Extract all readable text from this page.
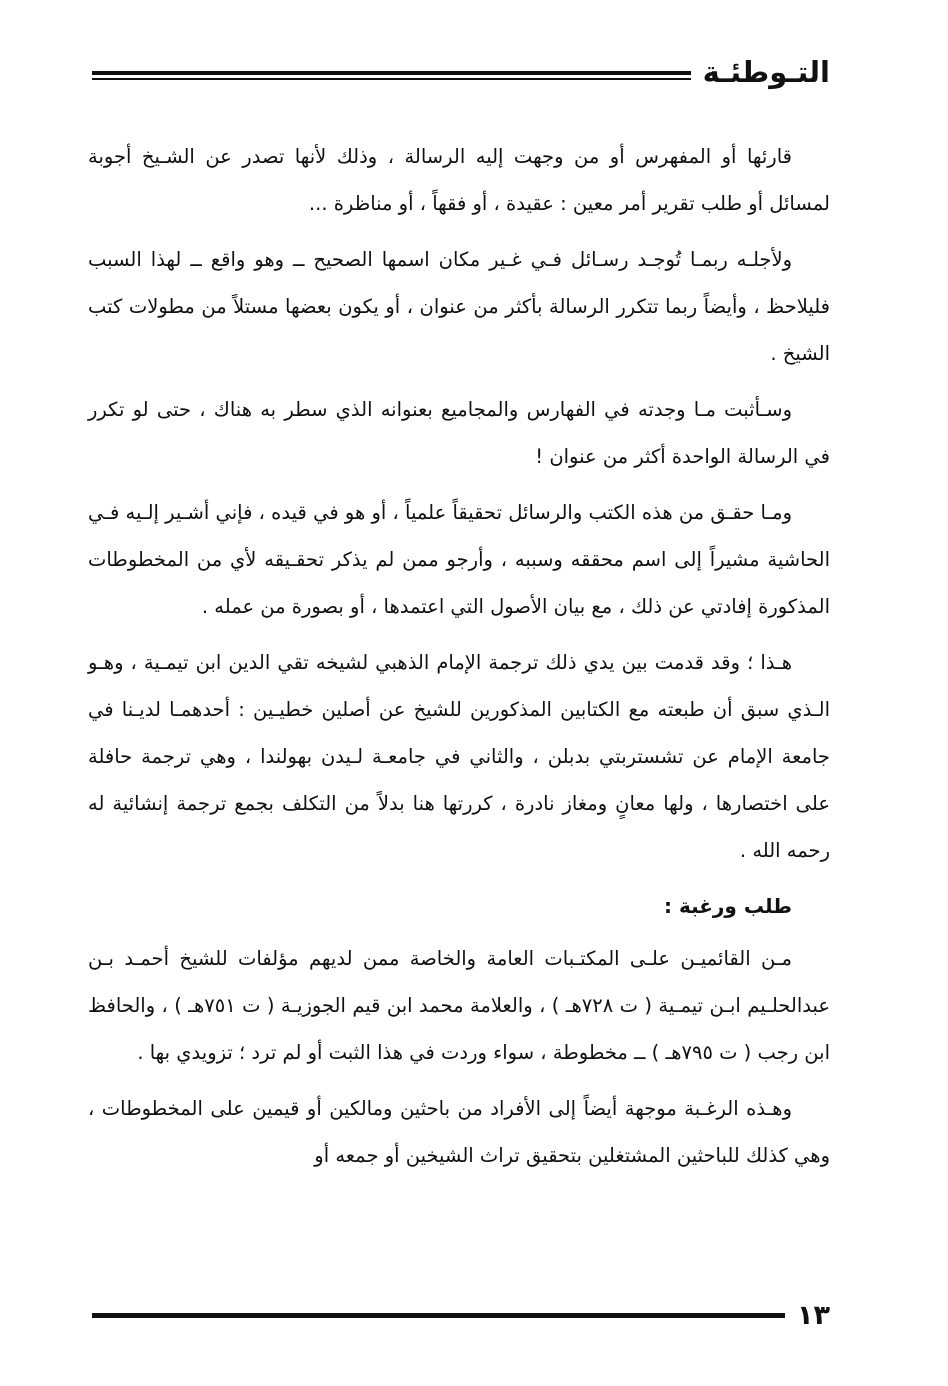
التـوطئـة

قارئها أو المفهرس أو من وجهت إليه الرسالة ، وذلك لأنها تصدر عن الشـيخ أجوبة لمسائل أو طلب تقرير أمر معين : عقيدة ، أو فقهاً ، أو مناظرة ...

ولأجلـه ربمـا تُوجـد رسـائل فـي غـير مكان اسمها الصحيح ــ وهو واقع ــ لهذا السبب فليلاحظ ، وأيضاً ربما تتكرر الرسالة بأكثر من عنوان ، أو يكون بعضها مستلاً من مطولات كتب الشيخ .

وسـأثبت مـا وجدته في الفهارس والمجاميع بعنوانه الذي سطر به هناك ، حتى لو تكرر في الرسالة الواحدة أكثر من عنوان !

ومـا حقـق من هذه الكتب والرسائل تحقيقاً علمياً ، أو هو في قيده ، فإني أشـير إلـيه فـي الحاشية مشيراً إلى اسم محققه وسببه ، وأرجو ممن لم يذكر تحقـيقه لأي من المخطوطات المذكورة إفادتي عن ذلك ، مع بيان الأصول التي اعتمدها ، أو بصورة من عمله .

هـذا ؛ وقد قدمت بين يدي ذلك ترجمة الإمام الذهبي لشيخه تقي الدين ابن تيمـية ، وهـو الـذي سبق أن طبعته مع الكتابين المذكورين للشيخ عن أصلين خطيـين : أحدهمـا لديـنا في جامعة الإمام عن تشستربتي بدبلن ، والثاني في جامعـة لـيدن بهولندا ، وهي ترجمة حافلة على اختصارها ، ولها معانٍ ومغاز نادرة ، كررتها هنا بدلاً من التكلف بجمع ترجمة إنشائية له رحمه الله .

طلب ورغبة :

مـن القائميـن علـى المكتـبات العامة والخاصة ممن لديهم مؤلفات للشيخ أحمـد بـن عبدالحلـيم ابـن تيمـية ( ت ٧٢٨هـ ) ، والعلامة محمد ابن قيم الجوزيـة ( ت ٧٥١هـ ) ، والحافظ ابن رجب ( ت ٧٩٥هـ ) ــ مخطوطة ، سواء وردت في هذا الثبت أو لم ترد ؛ تزويدي بها .

وهـذه الرغـبة موجهة أيضاً إلى الأفراد من باحثين ومالكين أو قيمين على المخطوطات ، وهي كذلك للباحثين المشتغلين بتحقيق تراث الشيخين أو جمعه أو

١٣
